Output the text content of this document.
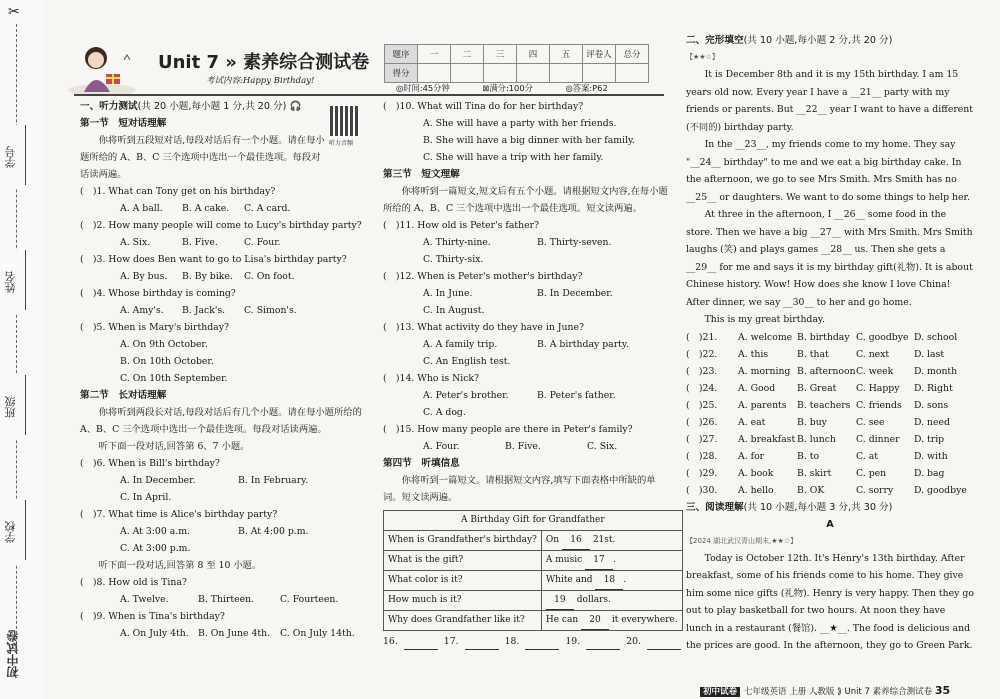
✂
学号

姓名

班级

学校

初中试卷
Unit 7 » 素养综合测试卷
考试内容:Happy Birthday!
题序	一	二	三	四	五	评卷人	总分
得分							
◎时间:45分钟	⊠满分:100分	◎答案:P62
听力音频
一、听力测试(共 20 小题,每小题 1 分,共 20 分) 🎧
第一节　短对话理解
你将听到五段短对话,每段对话后有一个小题。请在每小题所给的 A、B、C 三个选项中选出一个最佳选项。每段对话读两遍。
(　)1. What can Tony get on his birthday?
A. A ball.	B. A cake.	C. A card.
(　)2. How many people will come to Lucy's birthday party?
A. Six.	B. Five.	C. Four.
(　)3. How does Ben want to go to Lisa's birthday party?
A. By bus.	B. By bike.	C. On foot.
(　)4. Whose birthday is coming?
A. Amy's.	B. Jack's.	C. Simon's.
(　)5. When is Mary's birthday?
A. On 9th October.
B. On 10th October.
C. On 10th September.
第二节　长对话理解
你将听到两段长对话,每段对话后有几个小题。请在每小题所给的 A、B、C 三个选项中选出一个最佳选项。每段对话读两遍。
听下面一段对话,回答第 6、7 小题。
(　)6. When is Bill's birthday?
A. In December.	B. In February.
C. In April.
(　)7. What time is Alice's birthday party?
A. At 3:00 a.m.	B. At 4:00 p.m.
C. At 3:00 p.m.
听下面一段对话,回答第 8 至 10 小题。
(　)8. How old is Tina?
A. Twelve.	B. Thirteen.	C. Fourteen.
(　)9. When is Tina's birthday?
A. On July 4th.	B. On June 4th.	C. On July 14th.
(　)10. What will Tina do for her birthday?
A. She will have a party with her friends.
B. She will have a big dinner with her family.
C. She will have a trip with her family.
第三节　短文理解
你将听到一篇短文,短文后有五个小题。请根据短文内容,在每小题所给的 A、B、C 三个选项中选出一个最佳选项。短文读两遍。
(　)11. How old is Peter's father?
A. Thirty-nine.	B. Thirty-seven.
C. Thirty-six.
(　)12. When is Peter's mother's birthday?
A. In June.	B. In December.
C. In August.
(　)13. What activity do they have in June?
A. A family trip.	B. A birthday party.
C. An English test.
(　)14. Who is Nick?
A. Peter's brother.	B. Peter's father.
C. A dog.
(　)15. How many people are there in Peter's family?
A. Four.	B. Five.	C. Six.
第四节　听填信息
你将听到一篇短文。请根据短文内容,填写下面表格中所缺的单词。短文读两遍。
A Birthday Gift for Grandfather	
When is Grandfather's birthday?	On 16 21st.
What is the gift?	A music 17 .
What color is it?	White and 18 .
How much is it?	19 dollars.
Why does Grandfather like it?	He can 20 it everywhere.
16.	17.	18.	19.	20.
二、完形填空(共 10 小题,每小题 2 分,共 20 分)
【★★☆】
It is December 8th and it is my 15th birthday. I am 15 years old now. Every year I have a __21__ party with my friends or parents. But __22__ year I want to have a different (不同的) birthday party.
In the __23__, my friends come to my home. They say "__24__ birthday" to me and we eat a big birthday cake. In the afternoon, we go to see Mrs Smith. Mrs Smith has no __25__ or daughters. We want to do some things to help her.
At three in the afternoon, I __26__ some food in the store. Then we have a big __27__ with Mrs Smith. Mrs Smith laughs (笑) and plays games __28__ us. Then she gets a __29__ for me and says it is my birthday gift(礼物). It is about Chinese history. Wow! How does she know I love China! After dinner, we say __30__ to her and go home.
This is my great birthday.
(　)21.	A. welcome B. birthday C. goodbye D. school
(　)22.	A. this	B. that	C. next	D. last
(　)23.	A. morning B. afternoon C. week	D. month
(　)24.	A. Good	B. Great	C. Happy	D. Right
(　)25.	A. parents	B. teachers C. friends	D. sons
(　)26.	A. eat	B. buy	C. see	D. need
(　)27.	A. breakfast B. lunch	C. dinner	D. trip
(　)28.	A. for	B. to	C. at	D. with
(　)29.	A. book	B. skirt	C. pen	D. bag
(　)30.	A. hello	B. OK	C. sorry	D. goodbye
三、阅读理解(共 10 小题,每小题 3 分,共 30 分)
A
【2024 湖北武汉青山期末,★★☆】
Today is October 12th. It's Henry's 13th birthday. After breakfast, some of his friends come to his home. They give him some nice gifts (礼物). Henry is very happy. Then they go out to play basketball for two hours. At noon they have lunch in a restaurant (餐馆). __★__. The food is delicious and the prices are good. In the afternoon, they go to Green Park.
初中试卷 七年级英语 上册 人教版 ⟫ Unit 7 素养综合测试卷 35
